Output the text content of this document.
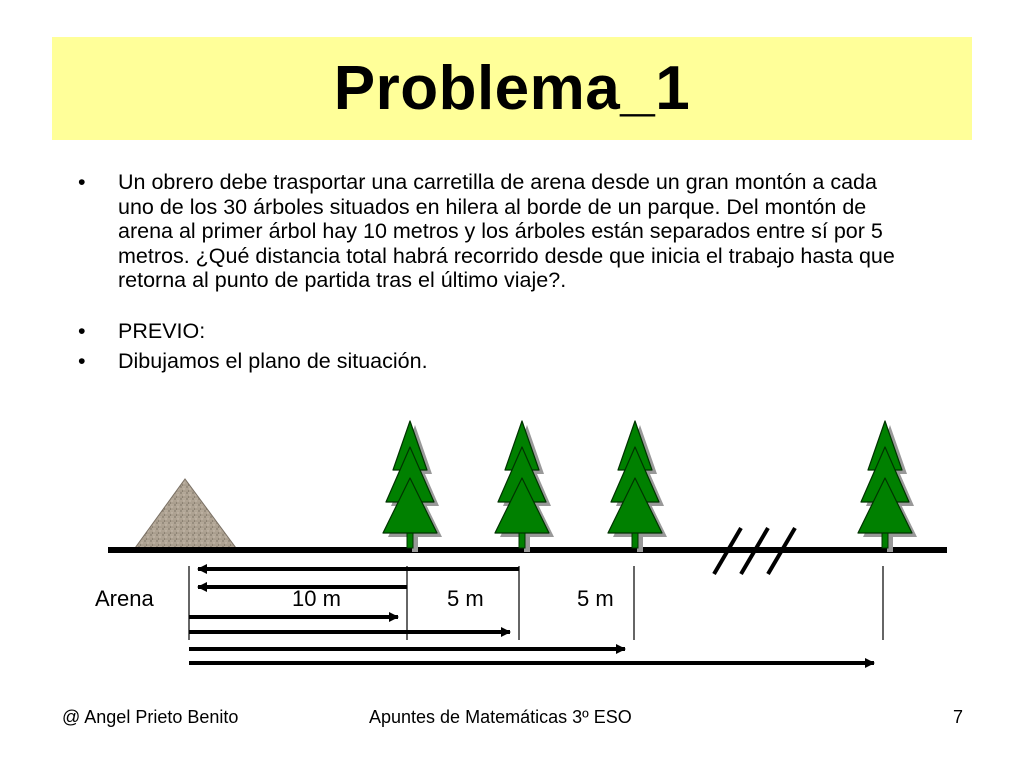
Problema_1
•	Un obrero debe trasportar una carretilla de arena desde un gran montón a cada uno de los 30 árboles situados en hilera al borde de un parque. Del montón de arena al primer árbol hay 10 metros y los árboles están separados entre sí por 5 metros. ¿Qué distancia total habrá recorrido desde que inicia el trabajo hasta que retorna al punto de partida tras el último viaje?.
•	PREVIO:
•	Dibujamos el plano de situación.
Arena	10 m	5 m	5 m
@ Angel Prieto Benito	Apuntes de Matemáticas 3º ESO	7
